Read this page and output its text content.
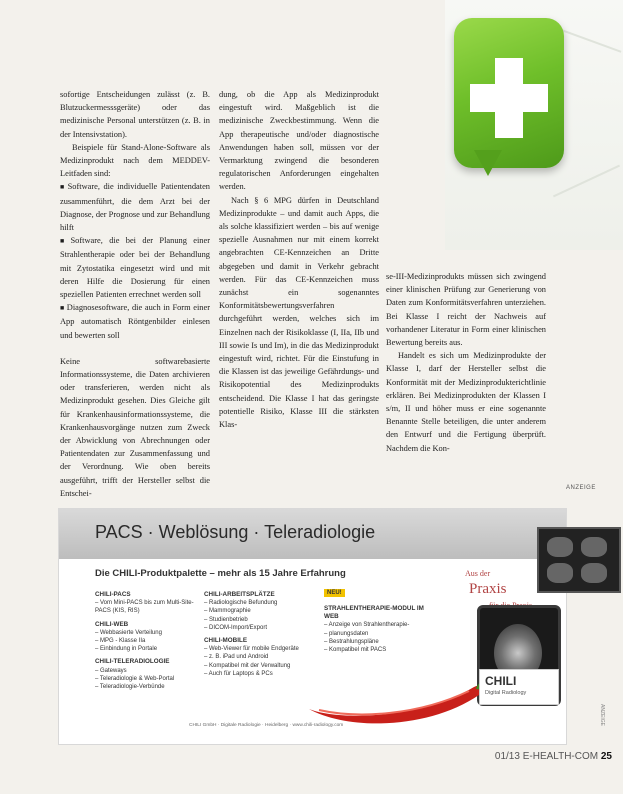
sofortige Entscheidungen zulässt (z. B. Blutzuckermesssgeräte) oder das medizinische Personal unterstützen (z. B. in der Intensivstation).

Beispiele für Stand-Alone-Software als Medizinprodukt nach dem MEDDEV-Leitfaden sind:

■ Software, die individuelle Patientendaten zusammenführt, die dem Arzt bei der Diagnose, der Prognose und zur Behandlung hilft

■ Software, die bei der Planung einer Strahlentherapie oder bei der Behandlung mit Zytostatika eingesetzt wird und mit deren Hilfe die Dosierung für einen speziellen Patienten errechnet werden soll

■ Diagnosesoftware, die auch in Form einer App automatisch Röntgenbilder einlesen und bewerten soll

Keine softwarebasierte Informationssysteme, die Daten archivieren oder transferieren, werden nicht als Medizinprodukt gesehen. Dies Gleiche gilt für Krankenhausinformationssysteme, die Krankenhausvorgänge nutzen zum Zweck der Abwicklung von Abrechnungen oder Patientendaten zur Zusammenfassung und der Verordnung. Wie oben bereits ausgeführt, trifft der Hersteller selbst die Entschei-

dung, ob die App als Medizinprodukt eingestuft wird. Maßgeblich ist die medizinische Zweckbestimmung. Wenn die App therapeutische und/oder diagnostische Anwendungen haben soll, müssen vor der Vermarktung zwingend die besonderen regulatorischen Anforderungen eingehalten werden.

Nach § 6 MPG dürfen in Deutschland Medizinprodukte – und damit auch Apps, die als solche klassifiziert werden – bis auf wenige spezielle Ausnahmen nur mit einem korrekt angebrachten CE-Kennzeichen an Dritte abgegeben und damit in Verkehr gebracht werden. Für das CE-Kennzeichen muss zunächst ein sogenanntes Konformitätsbewertungsverfahren durchgeführt werden, welches sich im Einzelnen nach der Risikoklasse (I, IIa, IIb und III sowie Is und Im), in die das Medizinprodukt eingestuft wird, richtet. Für die Einstufung in die Klassen ist das jeweilige Gefährdungs- und Risikopotential des Medizinprodukts entscheidend. Die Klasse I hat das geringste potentielle Risiko, Klasse III die stärksten Klas-

se-III-Medizinprodukts müssen sich zwingend einer klinischen Prüfung zur Generierung von Daten zum Konformitätsverfahren unterziehen. Bei Klasse I reicht der Nachweis auf vorhandener Literatur in Form einer klinischen Bewertung bereits aus.

Handelt es sich um Medizinprodukte der Klasse I, darf der Hersteller selbst die Konformität mit der Medizinprodukterichtlinie erklären. Bei Medizinprodukten der Klassen I s/m, II und höher muss er eine sogenannte Benannte Stelle beteiligen, die unter anderem den Entwurf und die Fertigung überprüft. Nachdem die Kon-

ANZEIGE
PACS · Weblösung · Teleradiologie
Die CHILI-Produktpalette – mehr als 15 Jahre Erfahrung
CHILI-PACS
– Vom Mini-PACS bis zum Multi-Site-PACS (KIS, RIS)
CHILI-WEB
– Webbasierte Verteilung
– MPG - Klasse IIa
– Einbindung in Portale
CHILI-TELERADIOLOGIE
– Gateways
– Teleradiologie & Web-Portal
– Teleradiologie-Verbünde
CHILI-ARBEITSPLÄTZE
– Radiologische Befundung
– Mammographie
– Studienbetrieb
– DICOM-Import/Export
CHILI-MOBILE
– Web-Viewer für mobile Endgeräte
– z. B. iPad und Android
– Kompatibel mit der Verwaltung
– Auch für Laptops & PCs
NEU!
STRAHLENTHERAPIE-MODUL IM WEB
– Anzeige von Strahlentherapie-
– planungsdaten
– Bestrahlungspläne
– Kompatibel mit PACS
Aus der
Praxis
CHILI
Digital Radiology
CHILI GmbH · Digitale Radiologie · Heidelberg · www.chili-radiology.com	ANZEIGE
01/13 E-HEALTH-COM 25
